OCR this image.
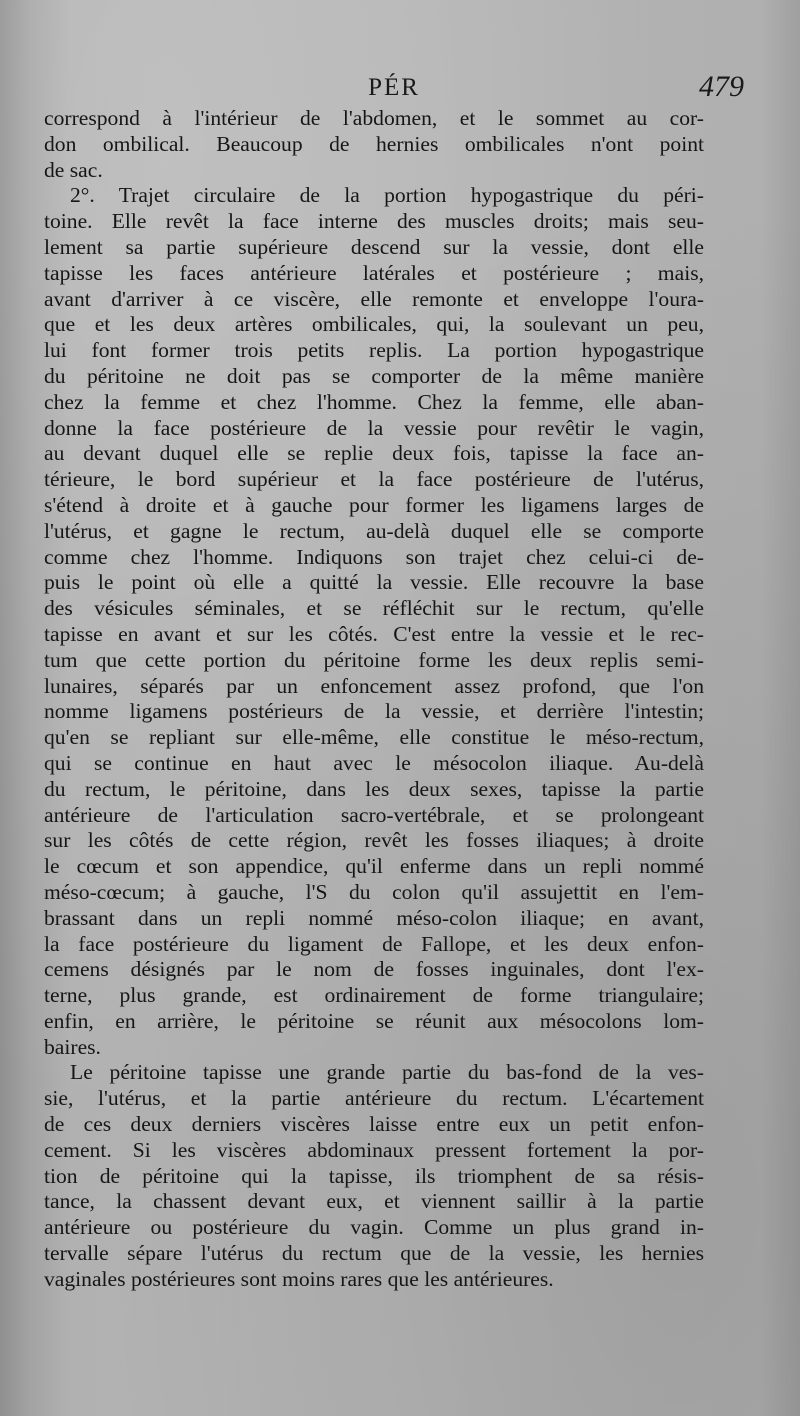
PÉR	479
correspond à l'intérieur de l'abdomen, et le sommet au cor-
don ombilical. Beaucoup de hernies ombilicales n'ont point
de sac.
2°. Trajet circulaire de la portion hypogastrique du péri-
toine. Elle revêt la face interne des muscles droits; mais seu-
lement sa partie supérieure descend sur la vessie, dont elle
tapisse les faces antérieure latérales et postérieure ; mais,
avant d'arriver à ce viscère, elle remonte et enveloppe l'oura-
que et les deux artères ombilicales, qui, la soulevant un peu,
lui font former trois petits replis. La portion hypogastrique
du péritoine ne doit pas se comporter de la même manière
chez la femme et chez l'homme. Chez la femme, elle aban-
donne la face postérieure de la vessie pour revêtir le vagin,
au devant duquel elle se replie deux fois, tapisse la face an-
térieure, le bord supérieur et la face postérieure de l'utérus,
s'étend à droite et à gauche pour former les ligamens larges de
l'utérus, et gagne le rectum, au-delà duquel elle se comporte
comme chez l'homme. Indiquons son trajet chez celui-ci de-
puis le point où elle a quitté la vessie. Elle recouvre la base
des vésicules séminales, et se réfléchit sur le rectum, qu'elle
tapisse en avant et sur les côtés. C'est entre la vessie et le rec-
tum que cette portion du péritoine forme les deux replis semi-
lunaires, séparés par un enfoncement assez profond, que l'on
nomme ligamens postérieurs de la vessie, et derrière l'intestin;
qu'en se repliant sur elle-même, elle constitue le méso-rectum,
qui se continue en haut avec le mésocolon iliaque. Au-delà
du rectum, le péritoine, dans les deux sexes, tapisse la partie
antérieure de l'articulation sacro-vertébrale, et se prolongeant
sur les côtés de cette région, revêt les fosses iliaques; à droite
le cœcum et son appendice, qu'il enferme dans un repli nommé
méso-cœcum; à gauche, l'S du colon qu'il assujettit en l'em-
brassant dans un repli nommé méso-colon iliaque; en avant,
la face postérieure du ligament de Fallope, et les deux enfon-
cemens désignés par le nom de fosses inguinales, dont l'ex-
terne, plus grande, est ordinairement de forme triangulaire;
enfin, en arrière, le péritoine se réunit aux mésocolons lom-
baires.
Le péritoine tapisse une grande partie du bas-fond de la ves-
sie, l'utérus, et la partie antérieure du rectum. L'écartement
de ces deux derniers viscères laisse entre eux un petit enfon-
cement. Si les viscères abdominaux pressent fortement la por-
tion de péritoine qui la tapisse, ils triomphent de sa résis-
tance, la chassent devant eux, et viennent saillir à la partie
antérieure ou postérieure du vagin. Comme un plus grand in-
tervalle sépare l'utérus du rectum que de la vessie, les hernies
vaginales postérieures sont moins rares que les antérieures.
